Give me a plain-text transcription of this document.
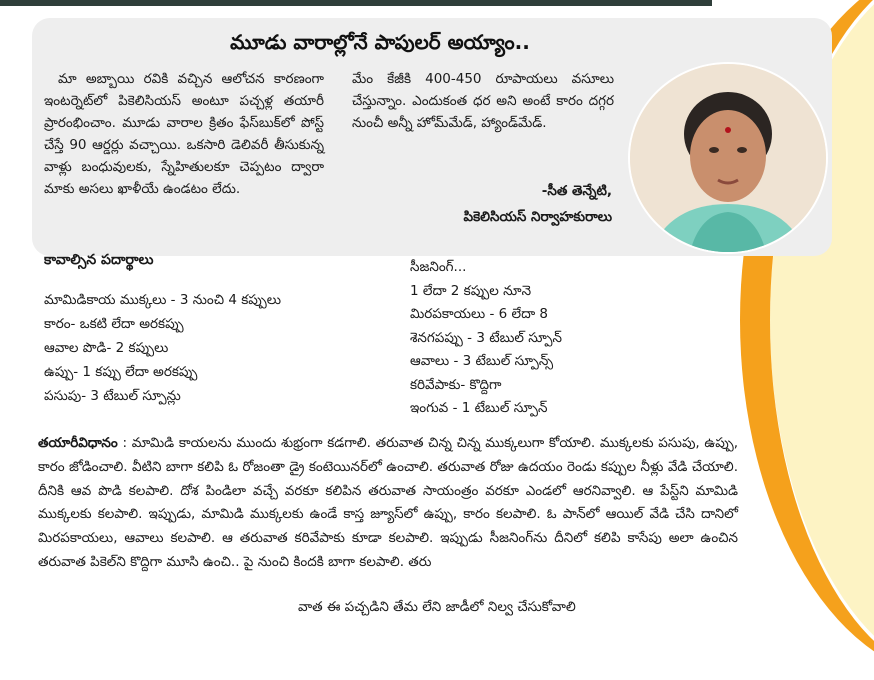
మూడు వారాల్లోనే పాపులర్ అయ్యాం..
మా అబ్బాయి రవికి వచ్చిన ఆలోచన కారణంగా ఇంటర్నెట్‌లో పికెలిసియస్ అంటూ పచ్చళ్ల తయారీ ప్రారంభించాం. మూడు వారాల క్రితం ఫేస్‌బుక్‌లో పోస్ట్ చేస్తే 90 ఆర్డర్లు వచ్చాయి. ఒకసారి డెలివరీ తీసుకున్న వాళ్లు బంధువులకు, స్నేహితులకూ చెప్పటం ద్వారా మాకు అసలు ఖాళీయే ఉండటం లేదు.
మేం కేజీకి 400-450 రూపాయలు వసూలు చేస్తున్నాం. ఎందుకంత ధర అని అంటే కారం దగ్గర నుంచీ అన్నీ హోమ్‌మేడ్, హ్యాండ్‌మేడ్.
-సీత తెన్నేటి,
పికెలిసియస్ నిర్వాహకురాలు
కావాల్సిన పదార్థాలు
మామిడికాయ ముక్కలు - 3 నుంచి 4 కప్పులు
కారం- ఒకటి లేదా అరకప్పు
ఆవాల పొడి- 2 కప్పులు
ఉప్పు- 1 కప్పు లేదా అరకప్పు
పసుపు- 3 టేబుల్ స్పూన్లు
సీజనింగ్...
1 లేదా 2 కప్పుల నూనె
మిరపకాయలు - 6 లేదా 8
శెనగపప్పు - 3 టేబుల్ స్పూన్
ఆవాలు - 3 టేబుల్ స్పూన్స్
కరివేపాకు- కొద్దిగా
ఇంగువ - 1 టేబుల్ స్పూన్
తయారీవిధానం : మామిడి కాయలను ముందు శుభ్రంగా కడగాలి. తరువాత చిన్న చిన్న ముక్కలుగా కోయాలి. ముక్కలకు పసుపు, ఉప్పు, కారం జోడించాలి. వీటిని బాగా కలిపి ఓ రోజంతా డ్రై కంటెయినర్‌లో ఉంచాలి. తరువాత రోజు ఉదయం రెండు కప్పుల నీళ్లు వేడి చేయాలి. దీనికి ఆవ పొడి కలపాలి. దోశ పిండిలా వచ్చే వరకూ కలిపిన తరువాత సాయంత్రం వరకూ ఎండలో ఆరనివ్వాలి. ఆ పేస్ట్‌ని మామిడి ముక్కలకు కలపాలి. ఇప్పుడు, మామిడి ముక్కలకు ఉండే కాస్త జ్యూస్‌లో ఉప్పు, కారం కలపాలి. ఓ పాన్‌లో ఆయిల్ వేడి చేసి దానిలో మిరపకాయలు, ఆవాలు కలపాలి. ఆ తరువాత కరివేపాకు కూడా కలపాలి. ఇప్పుడు సీజనింగ్‌ను దీనిలో కలిపి కాసేపు అలా ఉంచిన తరువాత పికెల్‌ని కొద్దిగా మూసి ఉంచి.. పై నుంచి కిందకి బాగా కలపాలి. తరు
వాత ఈ పచ్చడిని తేమ లేని జాడీలో నిల్వ చేసుకోవాలి
